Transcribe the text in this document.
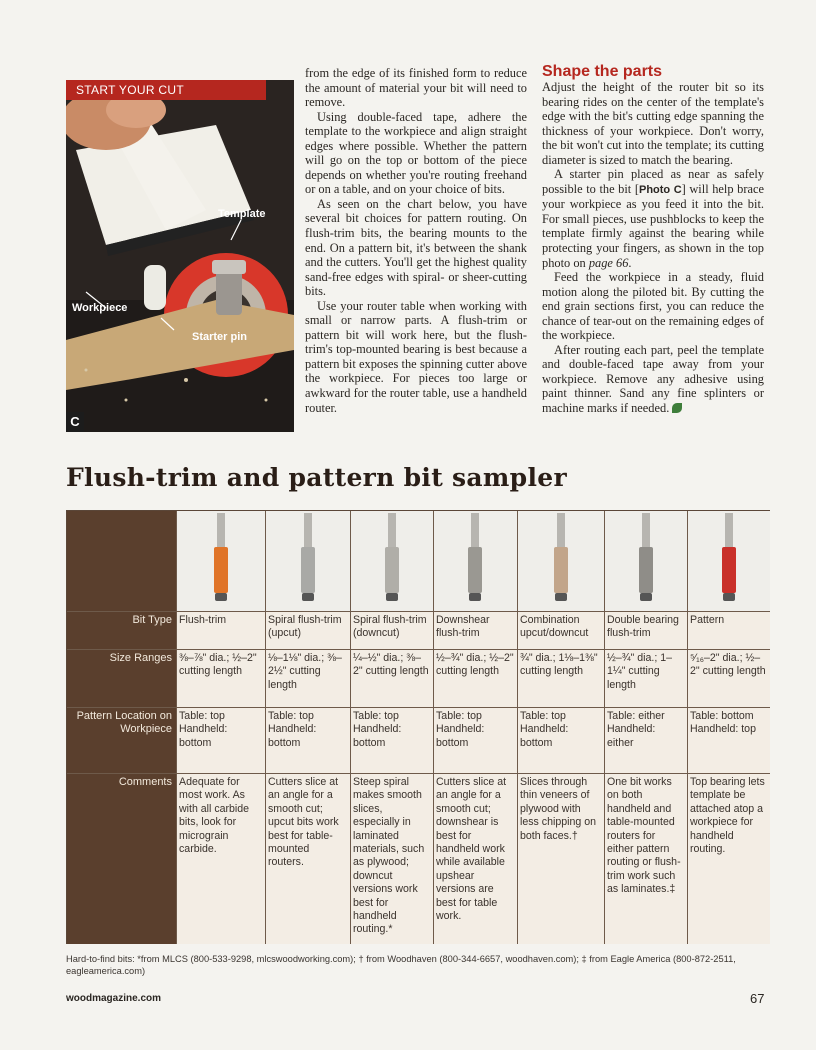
START YOUR CUT
Template
Workpiece
Starter pin
C

from the edge of its finished form to reduce the amount of material your bit will need to remove.

Using double-faced tape, adhere the template to the workpiece and align straight edges where possible. Whether the pattern will go on the top or bottom of the piece depends on whether you're routing freehand or on a table, and on your choice of bits.

As seen on the chart below, you have several bit choices for pattern routing. On flush-trim bits, the bearing mounts to the end. On a pattern bit, it's between the shank and the cutters. You'll get the highest quality sand-free edges with spiral- or sheer-cutting bits.

Use your router table when working with small or narrow parts. A flush-trim or pattern bit will work here, but the flush-trim's top-mounted bearing is best because a pattern bit exposes the spinning cutter above the workpiece. For pieces too large or awkward for the router table, use a handheld router.

Shape the parts

Adjust the height of the router bit so its bearing rides on the center of the template's edge with the bit's cutting edge spanning the thickness of your workpiece. Don't worry, the bit won't cut into the template; its cutting diameter is sized to match the bearing.

A starter pin placed as near as safely possible to the bit [Photo C] will help brace your workpiece as you feed it into the bit. For small pieces, use pushblocks to keep the template firmly against the bearing while protecting your fingers, as shown in the top photo on page 66.

Feed the workpiece in a steady, fluid motion along the piloted bit. By cutting the end grain sections first, you can reduce the chance of tear-out on the remaining edges of the workpiece.

After routing each part, peel the template and double-faced tape away from your workpiece. Remove any adhesive using paint thinner. Sand any fine splinters or machine marks if needed.

Flush-trim and pattern bit sampler
Bit Type
Size Ranges
Pattern Location on Workpiece
Comments
Flush-trim
⅜–⅞" dia.; ½–2" cutting length
Table: top Handheld: bottom
Adequate for most work. As with all carbide bits, look for micrograin carbide.
Spiral flush-trim (upcut)
⅛–1⅛" dia.; ⅜–2½" cutting length
Table: top Handheld: bottom
Cutters slice at an angle for a smooth cut; upcut bits work best for table-mounted routers.
Spiral flush-trim (downcut)
¼–½" dia.; ⅜–2" cutting length
Table: top Handheld: bottom
Steep spiral makes smooth slices, especially in laminated materials, such as plywood; downcut versions work best for handheld routing.*
Downshear flush-trim
½–¾" dia.; ½–2" cutting length
Table: top Handheld: bottom
Cutters slice at an angle for a smooth cut; downshear is best for handheld work while available upshear versions are best for table work.
Combination upcut/downcut
¾" dia.; 1⅛–1⅜" cutting length
Table: top Handheld: bottom
Slices through thin veneers of plywood with less chipping on both faces.†
Double bearing flush-trim
½–¾" dia.; 1–1¼" cutting length
Table: either Handheld: either
One bit works on both handheld and table-mounted routers for either pattern routing or flush-trim work such as laminates.‡
Pattern
⁵⁄₁₆–2" dia.; ½–2" cutting length
Table: bottom Handheld: top
Top bearing lets template be attached atop a workpiece for handheld routing.
Hard-to-find bits: *from MLCS (800-533-9298, mlcswoodworking.com); † from Woodhaven (800-344-6657, woodhaven.com); ‡ from Eagle America (800-872-2511, eagleamerica.com)
woodmagazine.com	67
